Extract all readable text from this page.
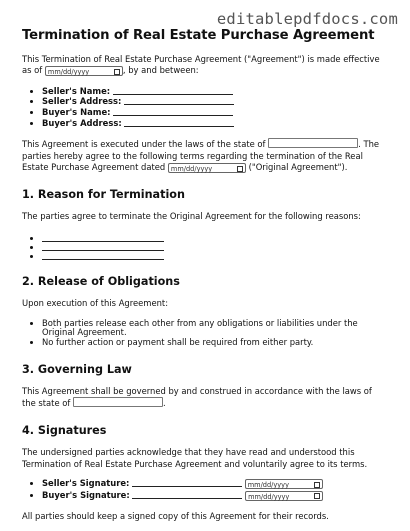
editablepdfdocs.com
Termination of Real Estate Purchase Agreement

This Termination of Real Estate Purchase Agreement ("Agreement") is made effective as of mm/dd/yyyy	, by and between:

• Seller's Name:
• Seller's Address:
• Buyer's Name:
• Buyer's Address:

This Agreement is executed under the laws of the state of	. The parties hereby agree to the following terms regarding the termination of the Real Estate Purchase Agreement dated mm/dd/yyyy	("Original Agreement").

1. Reason for Termination

The parties agree to terminate the Original Agreement for the following reasons:

•
•
•
2. Release of Obligations

Upon execution of this Agreement:

• Both parties release each other from any obligations or liabilities under the Original Agreement.
• No further action or payment shall be required from either party.
3. Governing Law

This Agreement shall be governed by and construed in accordance with the laws of the state of	.

4. Signatures

The undersigned parties acknowledge that they have read and understood this Termination of Real Estate Purchase Agreement and voluntarily agree to its terms.

• Seller's Signature:	mm/dd/yyyy
• Buyer's Signature:	mm/dd/yyyy

All parties should keep a signed copy of this Agreement for their records.
